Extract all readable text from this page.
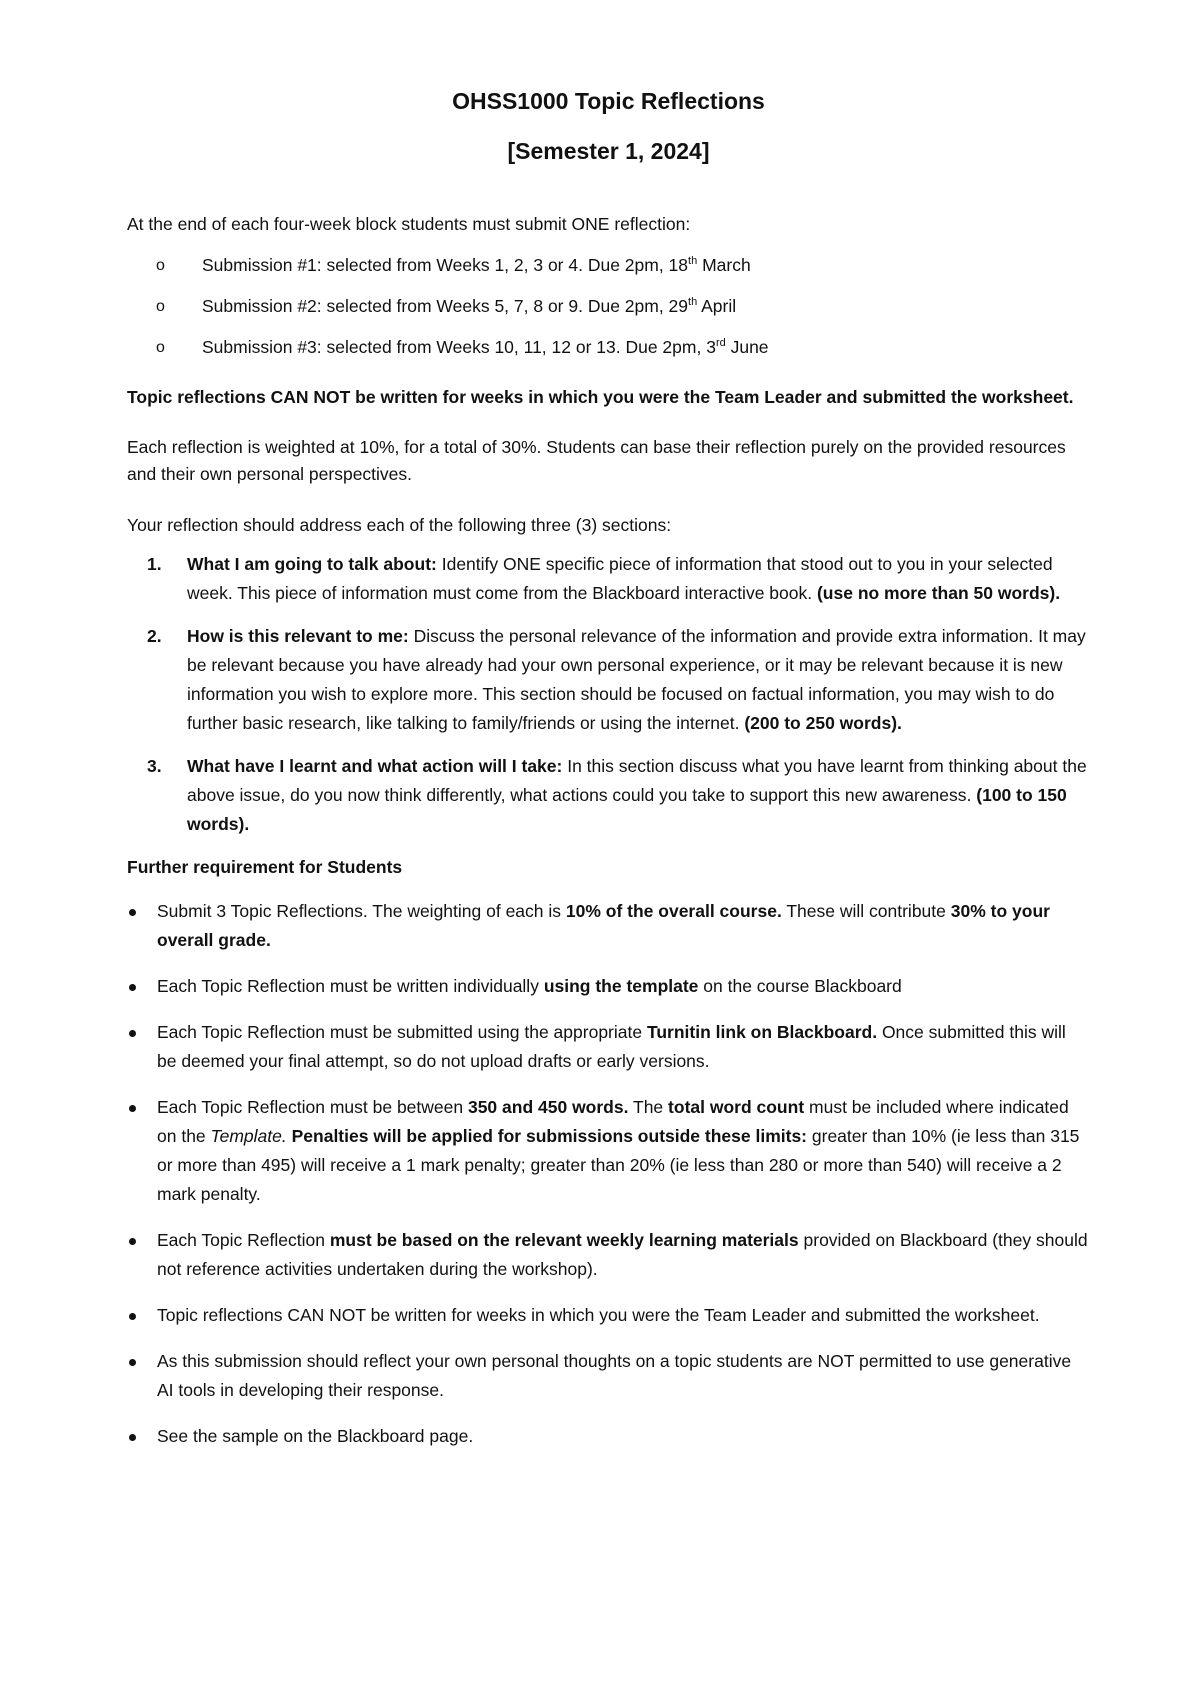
OHSS1000 Topic Reflections
[Semester 1, 2024]

At the end of each four-week block students must submit ONE reflection:

o Submission #1: selected from Weeks 1, 2, 3 or 4. Due 2pm, 18th March
o Submission #2: selected from Weeks 5, 7, 8 or 9. Due 2pm, 29th April
o Submission #3: selected from Weeks 10, 11, 12 or 13. Due 2pm, 3rd June

Topic reflections CAN NOT be written for weeks in which you were the Team Leader and submitted the worksheet.

Each reflection is weighted at 10%, for a total of 30%. Students can base their reflection purely on the provided resources and their own personal perspectives.

Your reflection should address each of the following three (3) sections:

1. What I am going to talk about: Identify ONE specific piece of information that stood out to you in your selected week. This piece of information must come from the Blackboard interactive book. (use no more than 50 words).
2. How is this relevant to me: Discuss the personal relevance of the information and provide extra information. It may be relevant because you have already had your own personal experience, or it may be relevant because it is new information you wish to explore more. This section should be focused on factual information, you may wish to do further basic research, like talking to family/friends or using the internet. (200 to 250 words).
3. What have I learnt and what action will I take: In this section discuss what you have learnt from thinking about the above issue, do you now think differently, what actions could you take to support this new awareness. (100 to 150 words).

Further requirement for Students

Submit 3 Topic Reflections. The weighting of each is 10% of the overall course. These will contribute 30% to your overall grade.
Each Topic Reflection must be written individually using the template on the course Blackboard
Each Topic Reflection must be submitted using the appropriate Turnitin link on Blackboard. Once submitted this will be deemed your final attempt, so do not upload drafts or early versions.
Each Topic Reflection must be between 350 and 450 words. The total word count must be included where indicated on the Template. Penalties will be applied for submissions outside these limits: greater than 10% (ie less than 315 or more than 495) will receive a 1 mark penalty; greater than 20% (ie less than 280 or more than 540) will receive a 2 mark penalty.
Each Topic Reflection must be based on the relevant weekly learning materials provided on Blackboard (they should not reference activities undertaken during the workshop).
Topic reflections CAN NOT be written for weeks in which you were the Team Leader and submitted the worksheet.
As this submission should reflect your own personal thoughts on a topic students are NOT permitted to use generative AI tools in developing their response.
See the sample on the Blackboard page.
